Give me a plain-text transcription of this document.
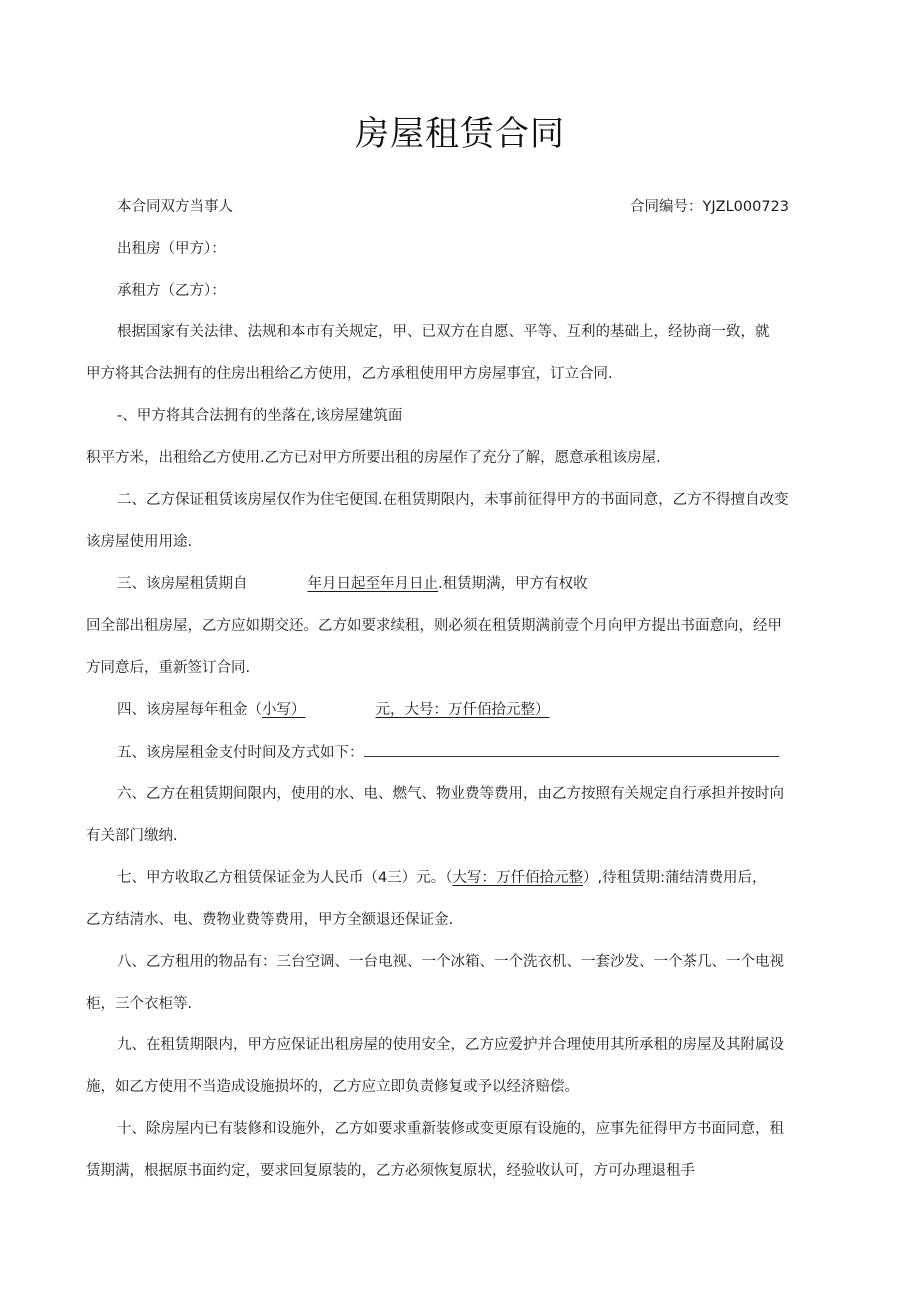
房屋租赁合同
本合同双方当事人	合同编号：YJZL000723
出租房（甲方）：
承租方（乙方）：
根据国家有关法律、法规和本市有关规定，甲、已双方在自愿、平等、互利的基础上，经协商一致，就
甲方将其合法拥有的住房出租给乙方使用，乙方承租使用甲方房屋事宜，订立合同.
-、甲方将其合法拥有的坐落在,该房屋建筑面
积平方米，出租给乙方使用.乙方已对甲方所要出租的房屋作了充分了解，愿意承租该房屋.
二、乙方保证租赁该房屋仅作为住宅便国.在租赁期限内，未事前征得甲方的书面同意，乙方不得擅自改变
该房屋使用用途.
三、该房屋租赁期自	年月日起至年月日止.租赁期满，甲方有权收
回全部出租房屋，乙方应如期交还。乙方如要求续租，则必须在租赁期满前壹个月向甲方提出书面意向，经甲
方同意后，重新签订合同.
四、该房屋每年租金（小写）	元，大号：万仟佰拾元整）
五、该房屋租金支付时间及方式如下：
六、乙方在租赁期间限内，使用的水、电、燃气、物业费等费用，由乙方按照有关规定自行承担并按时向
有关部门缴纳.
七、甲方收取乙方租赁保证金为人民币（4三）元。（大写：万仟佰拾元整）,待租赁期:蒲结清费用后，
乙方结清水、电、费物业费等费用，甲方全额退还保证金.
八、乙方租用的物品有：三台空调、一台电视、一个冰箱、一个洗衣机、一套沙发、一个茶几、一个电视
柜，三个衣柜等.
九、在租赁期限内，甲方应保证出租房屋的使用安全，乙方应爱护并合理使用其所承租的房屋及其附属设
施，如乙方使用不当造成设施损坏的，乙方应立即负责修复或予以经济赔偿。
十、除房屋内已有装修和设施外，乙方如要求重新装修或变更原有设施的，应事先征得甲方书面同意，租
赁期满，根据原书面约定，要求回复原装的，乙方必须恢复原状，经验收认可，方可办理退租手
